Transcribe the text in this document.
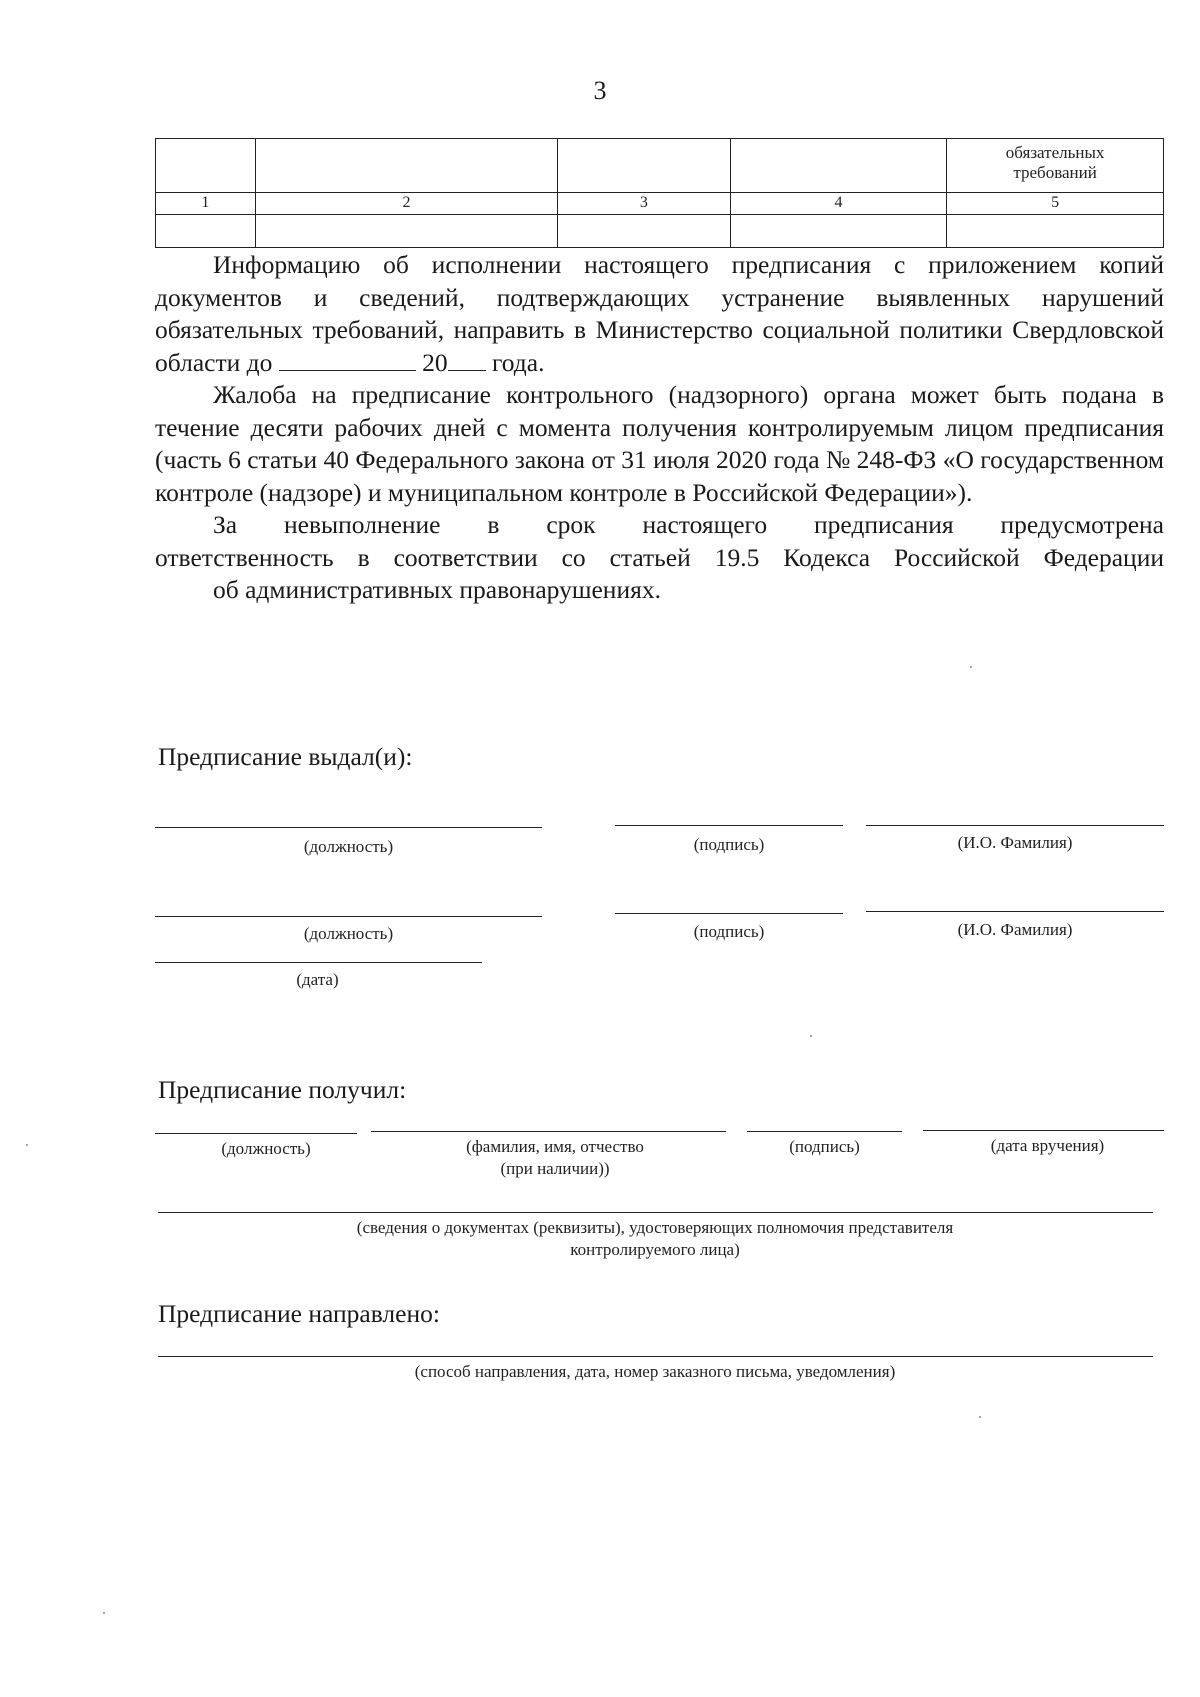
3
				обязательных
требований
1	2	3	4	5

Информацию об исполнении настоящего предписания с приложением копий документов и сведений, подтверждающих устранение выявленных нарушений обязательных требований, направить в Министерство социальной политики Свердловской области до	20 года.

Жалоба на предписание контрольного (надзорного) органа может быть подана в течение десяти рабочих дней с момента получения контролируемым лицом предписания (часть 6 статьи 40 Федерального закона от 31 июля 2020 года № 248-ФЗ «О государственном контроле (надзоре) и муниципальном контроле в Российской Федерации»).

За невыполнение в срок настоящего предписания предусмотрена

ответственность в соответствии со статьей 19.5 Кодекса Российской Федерации

об административных правонарушениях.

Предписание выдал(и):
(должность)	(подпись)	(И.О. Фамилия)
(должность)	(подпись)	(И.О. Фамилия)
(дата)
Предписание получил:
(должность)	(фамилия, имя, отчество
(при наличии))
(подпись)	(дата вручения)
(сведения о документах (реквизиты), удостоверяющих полномочия представителя
контролируемого лица)
Предписание направлено:
(способ направления, дата, номер заказного письма, уведомления)
